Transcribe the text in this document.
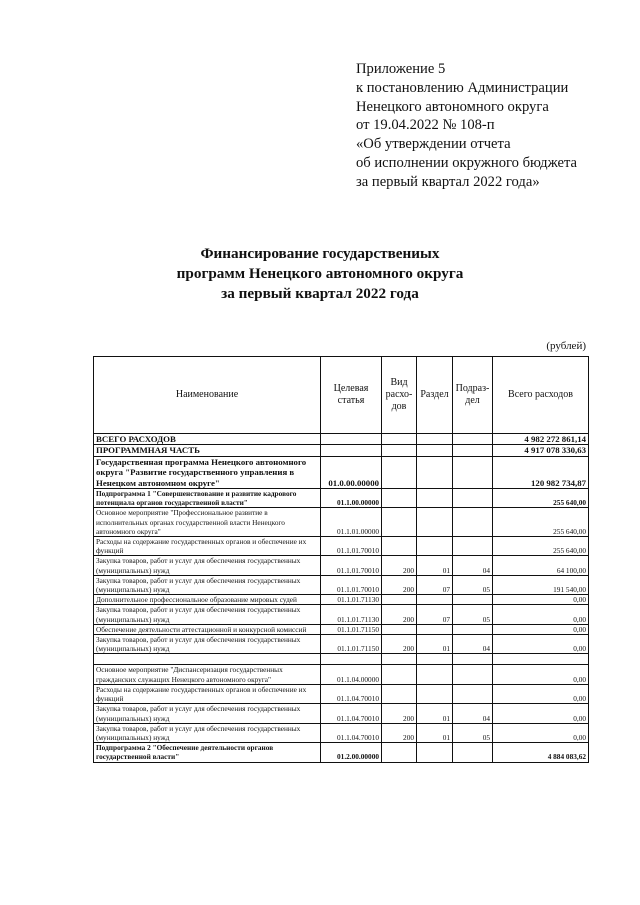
Приложение 5
к постановлению Администрации
Ненецкого автономного округа
от 19.04.2022 № 108-п
«Об утверждении отчета
об исполнении окружного бюджета
за первый квартал 2022 года»
Финансирование государствениых
программ Ненецкого автономного округа
за первый квартал 2022 года
(рублей)
Наименование	Целевая статья	Вид расхо-дов	Раздел	Подраз-дел	Всего расходов
ВСЕГО РАСХОДОВ					4 982 272 861,14
ПРОГРАММНАЯ ЧАСТЬ					4 917 078 330,63
Государственная программа Ненецкого автономного округа "Развитие государственного управления в Ненецком автономном округе"	01.0.00.00000				120 982 734,87
Подпрограмма 1 "Совершенствование и развитие кадрового потенциала органов государственной власти"	01.1.00.00000				255 640,00
Основное мероприятие "Профессиональное развитие в исполнительных органах государственной власти Ненецкого автономного округа"	01.1.01.00000				255 640,00
Расходы на содержание государственных органов и обеспечение их функций	01.1.01.70010				255 640,00
Закупка товаров, работ и услуг для обеспечения государственных (муниципальных) нужд	01.1.01.70010	200	01	04	64 100,00
Закупка товаров, работ и услуг для обеспечения государственных (муниципальных) нужд	01.1.01.70010	200	07	05	191 540,00
Дополнительное профессиональное образование мировых судей	01.1.01.71130				0,00
Закупка товаров, работ и услуг для обеспечения государственных (муниципальных) нужд	01.1.01.71130	200	07	05	0,00
Обеспечение деятельности аттестационной и конкурсной комиссий	01.1.01.71150				0,00
Закупка товаров, работ и услуг для обеспечения государственных (муниципальных) нужд	01.1.01.71150	200	01	04	0,00

Основное мероприятие "Диспансеризация государственных гражданских служащих Ненецкого автономного округа"	01.1.04.00000				0,00
Расходы на содержание государственных органов и обеспечение их функций	01.1.04.70010				0,00
Закупка товаров, работ и услуг для обеспечения государственных (муниципальных) нужд	01.1.04.70010	200	01	04	0,00
Закупка товаров, работ и услуг для обеспечения государственных (муниципальных) нужд	01.1.04.70010	200	01	05	0,00
Подпрограмма 2 "Обеспечение деятельности органов государственной власти"	01.2.00.00000				4 884 083,62
